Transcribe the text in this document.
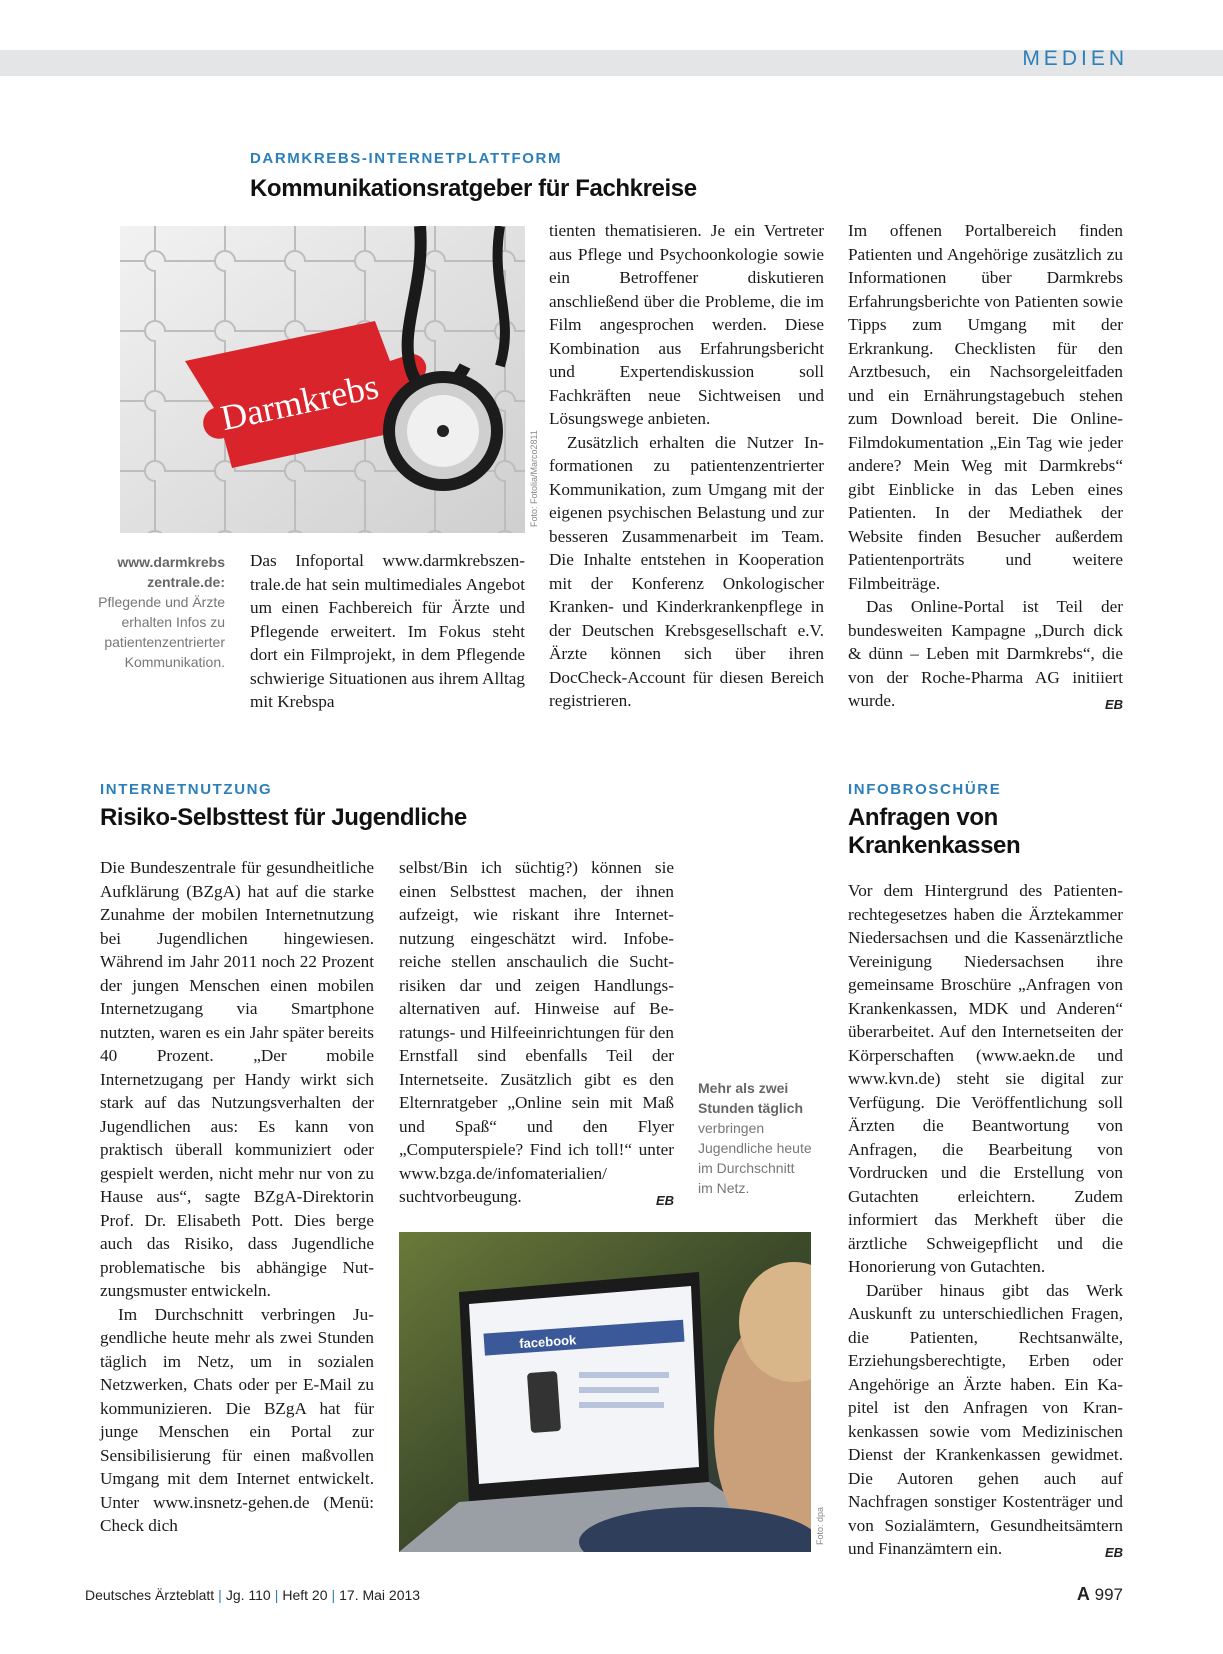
MEDIEN
DARMKREBS-INTERNETPLATTFORM
Kommunikationsratgeber für Fachkreise
Darmkrebs
Foto: Fotolia/Marco2811
www.darmkrebs zentrale.de:
Pflegende und Ärzte erhalten Infos zu patientenzentrierter Kommunikation.

Das Infoportal www.darmkrebszentrale.de hat sein multimediales Angebot um einen Fachbereich für Ärzte und Pflegende erweitert. Im Fokus steht dort ein Filmprojekt, in dem Pflegende schwierige Situationen aus ihrem Alltag mit Krebspa

tienten thematisieren. Je ein Vertreter aus Pflege und Psychoonkologie sowie ein Betroffener diskutieren anschließend über die Probleme, die im Film angesprochen werden. Diese Kombination aus Erfahrungsbericht und Expertendiskussion soll Fachkräften neue Sichtweisen und Lösungswege anbieten.

Zusätzlich erhalten die Nutzer Informationen zu patientenzentrierter Kommunikation, zum Umgang mit der eigenen psychischen Belastung und zur besseren Zusammenarbeit im Team. Die Inhalte entstehen in Kooperation mit der Konferenz Onkologischer Kranken- und Kinderkrankenpflege in der Deutschen Krebsgesellschaft e.V. Ärzte können sich über ihren DocCheck-Account für diesen Bereich registrieren.

Im offenen Portalbereich finden Patienten und Angehörige zusätzlich zu Informationen über Darmkrebs Erfahrungsberichte von Patienten sowie Tipps zum Umgang mit der Erkrankung. Checklisten für den Arztbesuch, ein Nachsorgeleitfaden und ein Ernährungstagebuch stehen zum Download bereit. Die Online-Filmdokumentation „Ein Tag wie jeder andere? Mein Weg mit Darmkrebs“ gibt Einblicke in das Leben eines Patienten. In der Mediathek der Website finden Besucher außerdem Patientenporträts und weitere Filmbeiträge.

Das Online-Portal ist Teil der bundesweiten Kampagne „Durch dick & dünn – Leben mit Darmkrebs“, die von der Roche-Pharma AG initiiert wurde.	EB

INTERNETNUTZUNG
Risiko-Selbsttest für Jugendliche

Die Bundeszentrale für gesundheitliche Aufklärung (BZgA) hat auf die starke Zunahme der mobilen Internetnutzung bei Jugendlichen hingewiesen. Während im Jahr 2011 noch 22 Prozent der jungen Menschen einen mobilen Internetzugang via Smartphone nutzten, waren es ein Jahr später bereits 40 Prozent. „Der mobile Internetzugang per Handy wirkt sich stark auf das Nutzungsverhalten der Jugendlichen aus: Es kann von praktisch überall kommuniziert oder gespielt werden, nicht mehr nur von zu Hause aus“, sagte BZgA-Direktorin Prof. Dr. Elisabeth Pott. Dies berge auch das Risiko, dass Jugendliche problematische bis abhängige Nutzungsmuster entwickeln.

Im Durchschnitt verbringen Jugendliche heute mehr als zwei Stunden täglich im Netz, um in sozialen Netzwerken, Chats oder per E-Mail zu kommunizieren. Die BZgA hat für junge Menschen ein Portal zur Sensibilisierung für einen maßvollen Umgang mit dem Internet entwickelt. Unter www.insnetz-gehen.de (Menü: Check dich

selbst/Bin ich süchtig?) können sie einen Selbsttest machen, der ihnen aufzeigt, wie riskant ihre Internetnutzung eingeschätzt wird. Infobereiche stellen anschaulich die Suchtrisiken dar und zeigen Handlungsalternativen auf. Hinweise auf Beratungs- und Hilfeeinrichtungen für den Ernstfall sind ebenfalls Teil der Internetseite. Zusätzlich gibt es den Elternratgeber „Online sein mit Maß und Spaß“ und den Flyer „Computerspiele? Find ich toll!“ unter www.bzga.de/infomaterialien/ suchtvorbeugung.	EB

Mehr als zwei Stunden täglich verbringen Jugendliche heute im Durchschnitt im Netz.
facebook
Foto: dpa
INFOBROSCHÜRE
Anfragen von Krankenkassen

Vor dem Hintergrund des Patientenrechtegesetzes haben die Ärztekammer Niedersachsen und die Kassenärztliche Vereinigung Niedersachsen ihre gemeinsame Broschüre „Anfragen von Krankenkassen, MDK und Anderen“ überarbeitet. Auf den Internetseiten der Körperschaften (www.aekn.de und www.kvn.de) steht sie digital zur Verfügung. Die Veröffentlichung soll Ärzten die Beantwortung von Anfragen, die Bearbeitung von Vordrucken und die Erstellung von Gutachten erleichtern. Zudem informiert das Merkheft über die ärztliche Schweigepflicht und die Honorierung von Gutachten.

Darüber hinaus gibt das Werk Auskunft zu unterschiedlichen Fragen, die Patienten, Rechtsanwälte, Erziehungsberechtigte, Erben oder Angehörige an Ärzte haben. Ein Kapitel ist den Anfragen von Krankenkassen sowie vom Medizinischen Dienst der Krankenkassen gewidmet. Die Autoren gehen auch auf Nachfragen sonstiger Kostenträger und von Sozialämtern, Gesundheitsämtern und Finanzämtern ein.	EB

Deutsches Ärzteblatt | Jg. 110 | Heft 20 | 17. Mai 2013	A 997
